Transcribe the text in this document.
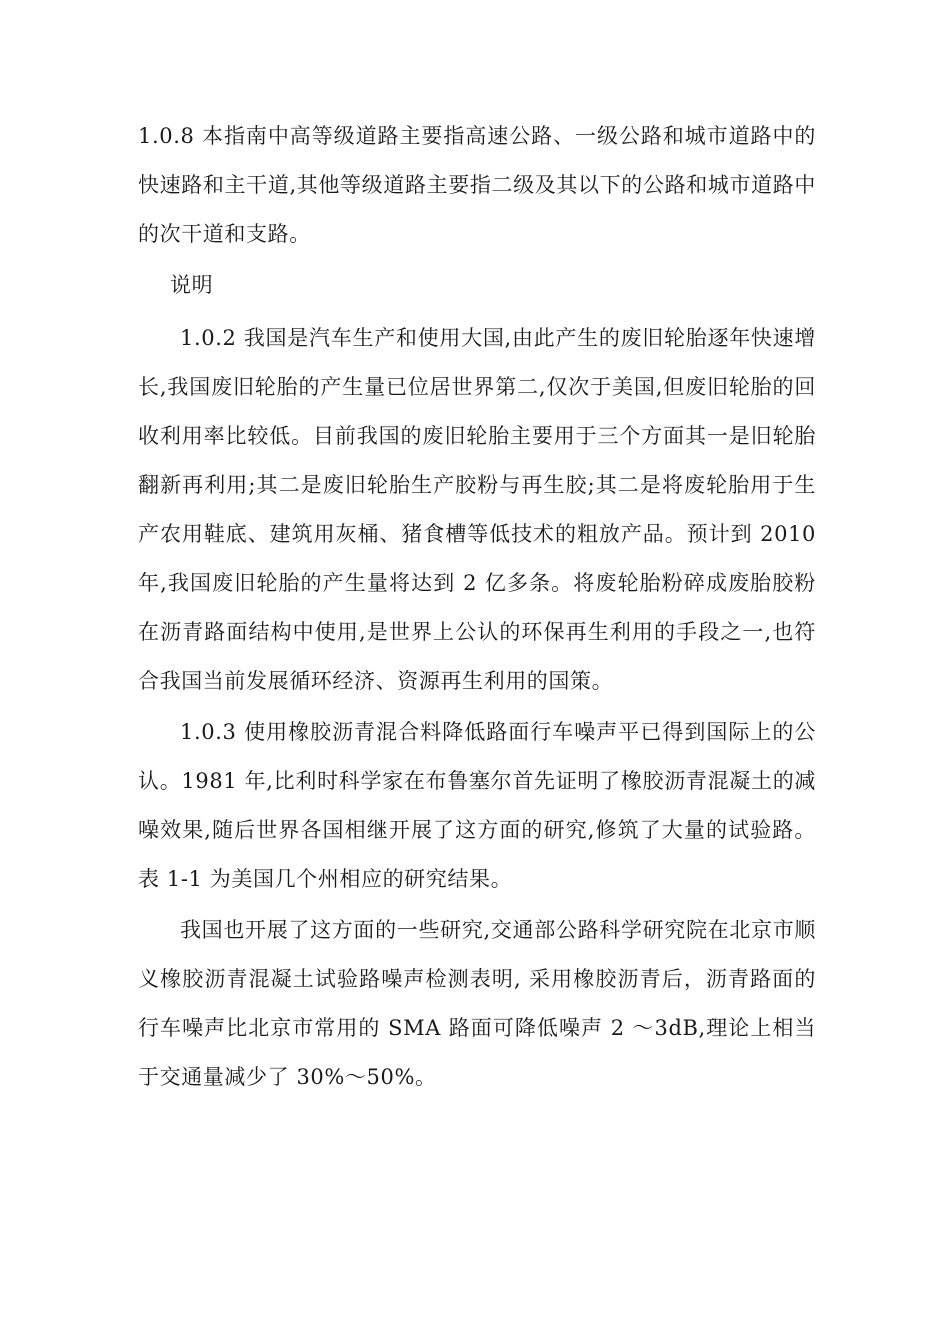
1.0.8 本指南中高等级道路主要指高速公路、一级公路和城市道路中的快速路和主干道,其他等级道路主要指二级及其以下的公路和城市道路中的次干道和支路。

说明

1.0.2 我国是汽车生产和使用大国,由此产生的废旧轮胎逐年快速增长,我国废旧轮胎的产生量已位居世界第二,仅次于美国,但废旧轮胎的回收利用率比较低。目前我国的废旧轮胎主要用于三个方面其一是旧轮胎翻新再利用;其二是废旧轮胎生产胶粉与再生胶;其二是将废轮胎用于生产农用鞋底、建筑用灰桶、猪食槽等低技术的粗放产品。预计到 2010 年,我国废旧轮胎的产生量将达到 2 亿多条。将废轮胎粉碎成废胎胶粉在沥青路面结构中使用,是世界上公认的环保再生利用的手段之一,也符合我国当前发展循环经济、资源再生利用的国策。

1.0.3 使用橡胶沥青混合料降低路面行车噪声平已得到国际上的公认。1981 年,比利时科学家在布鲁塞尔首先证明了橡胶沥青混凝土的减噪效果,随后世界各国相继开展了这方面的研究,修筑了大量的试验路。表 1-1 为美国几个州相应的研究结果。

我国也开展了这方面的一些研究,交通部公路科学研究院在北京市顺义橡胶沥青混凝土试验路噪声检测表明, 采用橡胶沥青后，沥青路面的行车噪声比北京市常用的 SMA 路面可降低噪声 2 ～3dB,理论上相当于交通量减少了 30%～50%。
